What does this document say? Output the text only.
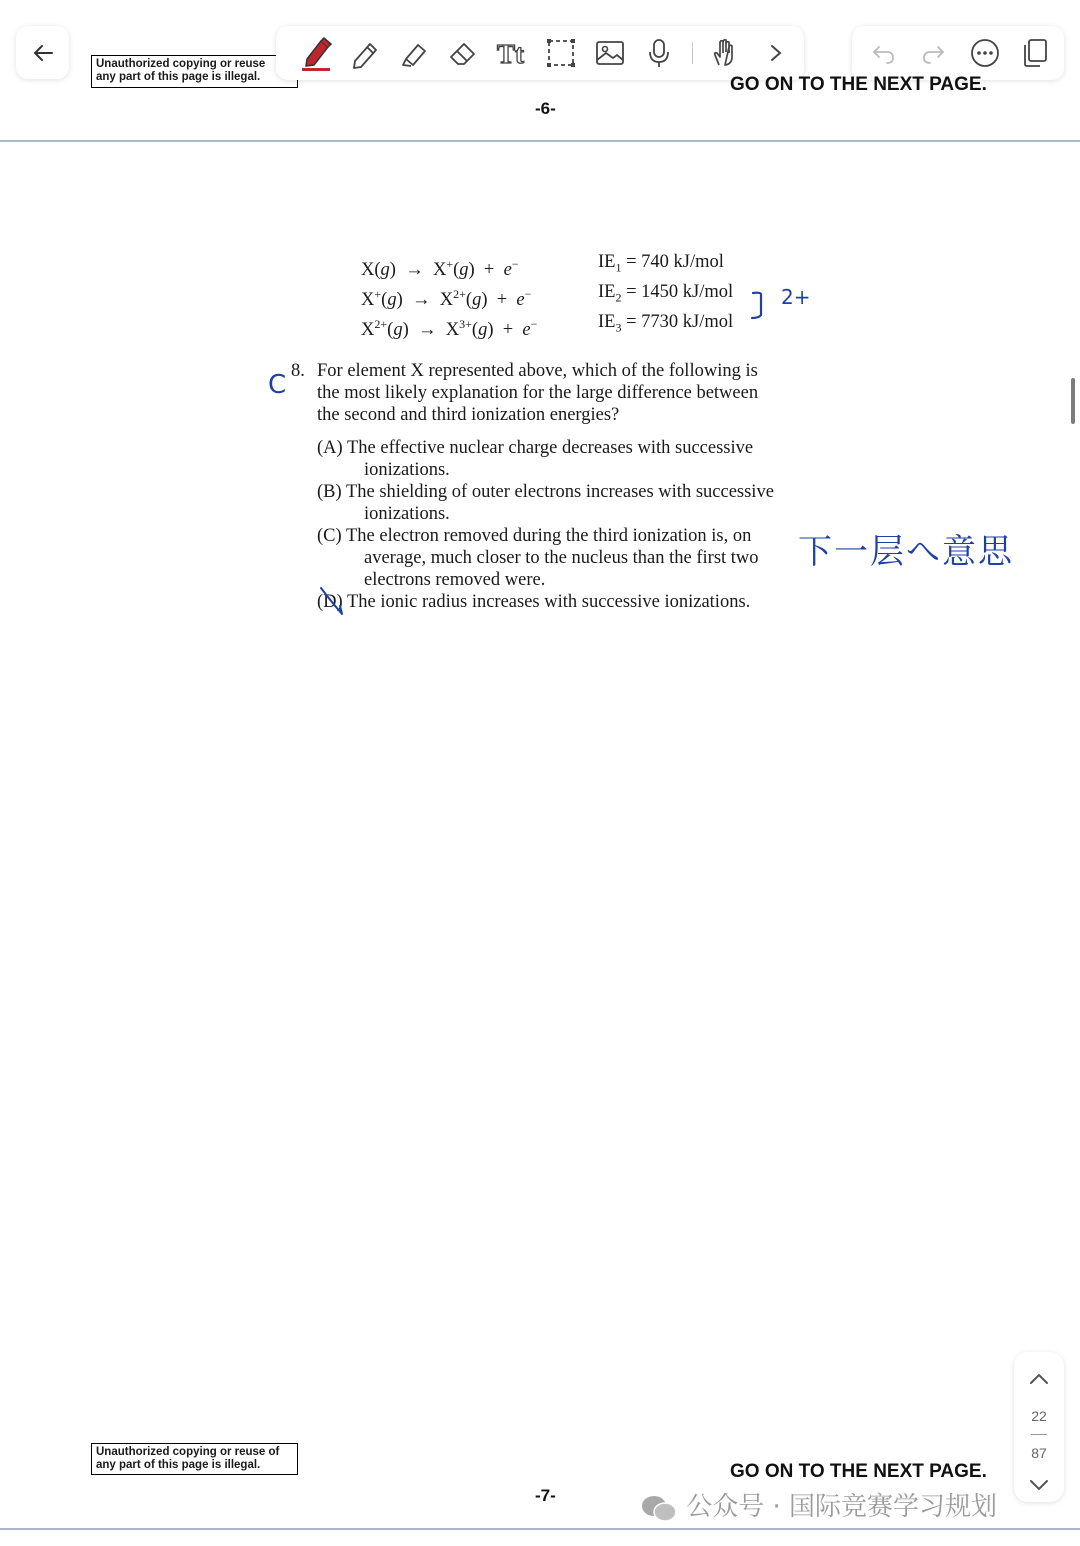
Unauthorized copying or reuse
any part of this page is illegal.
Tt
GO ON TO THE NEXT PAGE.
-6-
X(g)  →  X+(g)  +  e−
$X^+(g) \to X^{2+}(g) + e^-$
$X^{2+}(g) \to X^{3+}(g) + e^-$
$IE_1 = 740$ kJ/mol
$IE_2 = 1450$ kJ/mol
$IE_3 = 7730$ kJ/mol
2+
C 8. For element X represented above, which of the following is
the most likely explanation for the large difference between
the second and third ionization energies?
(A) The effective nuclear charge decreases with successive
ionizations.
(B) The shielding of outer electrons increases with successive
ionizations.
(C) The electron removed during the third ionization is, on
average, much closer to the nucleus than the first two
electrons removed were.
(D) The ionic radius increases with successive ionizations.
下一层へ意思
Unauthorized copying or reuse of
any part of this page is illegal.	GO ON TO THE NEXT PAGE.
-7-
22
87
公众号 · 国际竞赛学习规划
